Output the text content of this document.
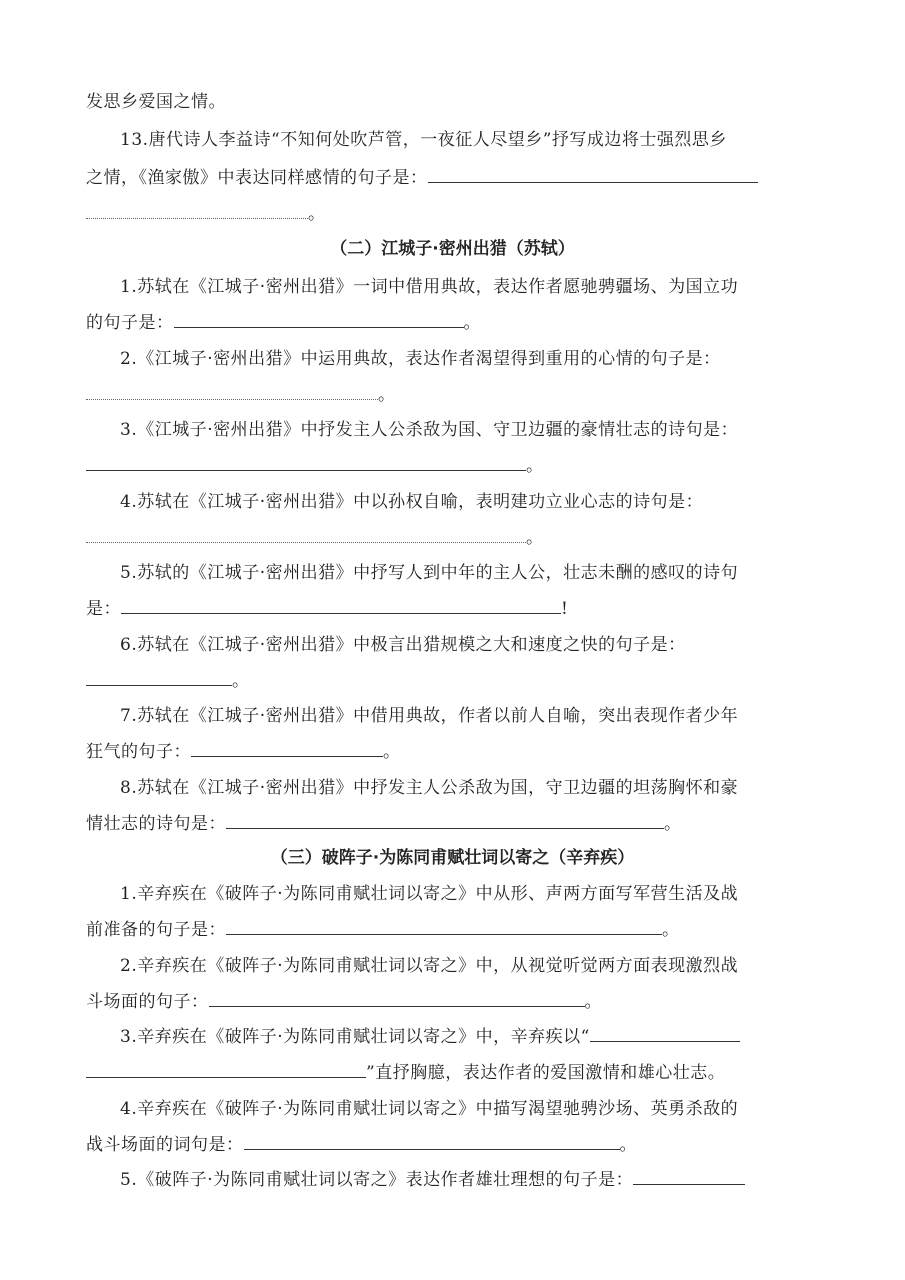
发思乡爱国之情。
13.唐代诗人李益诗“不知何处吹芦管，一夜征人尽望乡”抒写成边将士强烈思乡
之情，《渔家傲》中表达同样感情的句子是：
。
（二）江城子·密州出猎（苏轼）
1.苏轼在《江城子·密州出猎》一词中借用典故，表达作者愿驰骋疆场、为国立功
的句子是：	。
2.《江城子·密州出猎》中运用典故，表达作者渴望得到重用的心情的句子是：
。
3.《江城子·密州出猎》中抒发主人公杀敌为国、守卫边疆的豪情壮志的诗句是：
。
4.苏轼在《江城子·密州出猎》中以孙权自喻，表明建功立业心志的诗句是：
。
5.苏轼的《江城子·密州出猎》中抒写人到中年的主人公，壮志未酬的感叹的诗句
是：	!
6.苏轼在《江城子·密州出猎》中极言出猎规模之大和速度之快的句子是：
。
7.苏轼在《江城子·密州出猎》中借用典故，作者以前人自喻，突出表现作者少年
狂气的句子：	。
8.苏轼在《江城子·密州出猎》中抒发主人公杀敌为国，守卫边疆的坦荡胸怀和豪
情壮志的诗句是：	。
（三）破阵子·为陈同甫赋壮词以寄之（辛弃疾）
1.辛弃疾在《破阵子·为陈同甫赋壮词以寄之》中从形、声两方面写军营生活及战
前准备的句子是：	。
2.辛弃疾在《破阵子·为陈同甫赋壮词以寄之》中，从视觉听觉两方面表现激烈战
斗场面的句子：	。
3.辛弃疾在《破阵子·为陈同甫赋壮词以寄之》中，辛弃疾以“
”直抒胸臆，表达作者的爱国激情和雄心壮志。
4.辛弃疾在《破阵子·为陈同甫赋壮词以寄之》中描写渴望驰骋沙场、英勇杀敌的
战斗场面的词句是：	。
5.《破阵子·为陈同甫赋壮词以寄之》表达作者雄壮理想的句子是：
